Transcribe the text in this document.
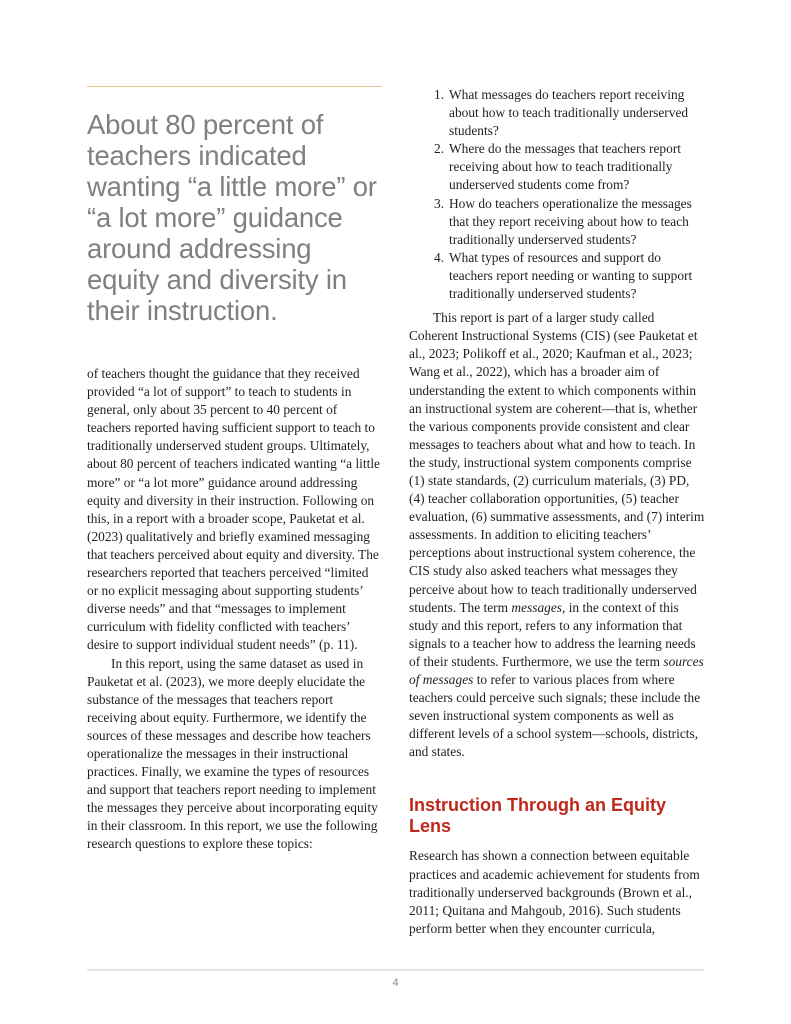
About 80 percent of teachers indicated wanting “a little more” or “a lot more” guidance around addressing equity and diversity in their instruction.

of teachers thought the guidance that they received provided “a lot of support” to teach to students in general, only about 35 percent to 40 percent of teachers reported having sufficient support to teach to traditionally underserved student groups. Ultimately, about 80 percent of teachers indicated wanting “a little more” or “a lot more” guidance around addressing equity and diversity in their instruction. Following on this, in a report with a broader scope, Pauketat et al. (2023) qualitatively and briefly examined messaging that teachers perceived about equity and diversity. The researchers reported that teachers perceived “limited or no explicit messaging about supporting students’ diverse needs” and that “messages to implement curriculum with fidelity conflicted with teachers’ desire to support individual student needs” (p. 11).

In this report, using the same dataset as used in Pauketat et al. (2023), we more deeply elucidate the substance of the messages that teachers report receiving about equity. Furthermore, we identify the sources of these messages and describe how teachers operationalize the messages in their instructional practices. Finally, we examine the types of resources and support that teachers report needing to implement the messages they perceive about incorporating equity in their classroom. In this report, we use the following research questions to explore these topics:

1. What messages do teachers report receiving about how to teach traditionally underserved students?
2. Where do the messages that teachers report receiving about how to teach traditionally underserved students come from?
3. How do teachers operationalize the messages that they report receiving about how to teach traditionally underserved students?
4. What types of resources and support do teachers report needing or wanting to support traditionally underserved students?

This report is part of a larger study called Coherent Instructional Systems (CIS) (see Pauketat et al., 2023; Polikoff et al., 2020; Kaufman et al., 2023; Wang et al., 2022), which has a broader aim of understanding the extent to which components within an instructional system are coherent—that is, whether the various components provide consistent and clear messages to teachers about what and how to teach. In the study, instructional system components comprise (1) state standards, (2) curriculum materials, (3) PD, (4) teacher collaboration opportunities, (5) teacher evaluation, (6) summative assessments, and (7) interim assessments. In addition to eliciting teachers’ perceptions about instructional system coherence, the CIS study also asked teachers what messages they perceive about how to teach traditionally underserved students. The term messages, in the context of this study and this report, refers to any information that signals to a teacher how to address the learning needs of their students. Furthermore, we use the term sources of messages to refer to various places from where teachers could perceive such signals; these include the seven instructional system components as well as different levels of a school system—schools, districts, and states.

Instruction Through an Equity Lens

Research has shown a connection between equitable practices and academic achievement for students from traditionally underserved backgrounds (Brown et al., 2011; Quitana and Mahgoub, 2016). Such students perform better when they encounter curricula,

4
